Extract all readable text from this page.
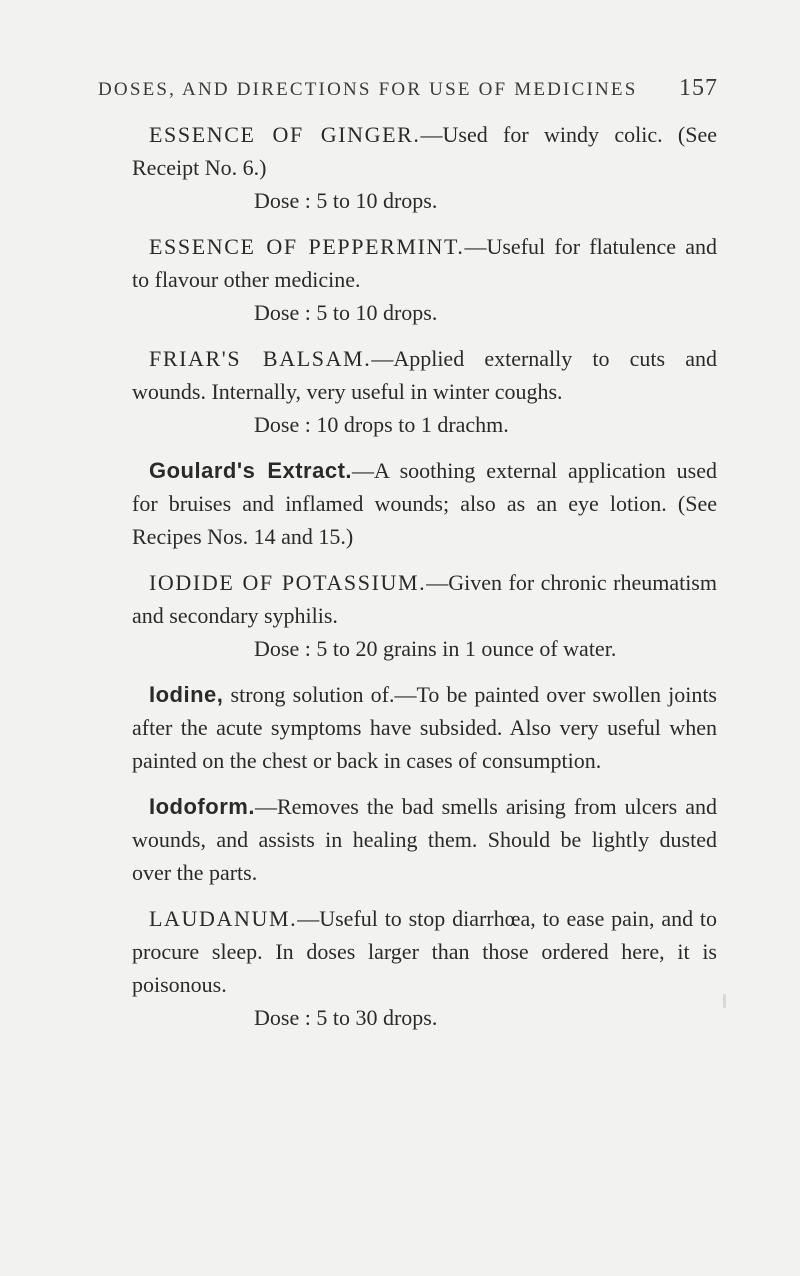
DOSES, AND DIRECTIONS FOR USE OF MEDICINES 157

ESSENCE OF GINGER.—Used for windy colic. (See Receipt No. 6.)

Dose : 5 to 10 drops.

ESSENCE OF PEPPERMINT.—Useful for flatulence and to flavour other medicine.

Dose : 5 to 10 drops.

FRIAR'S BALSAM.—Applied externally to cuts and wounds. Internally, very useful in winter coughs.

Dose : 10 drops to 1 drachm.

Goulard's Extract.—A soothing external application used for bruises and inflamed wounds; also as an eye lotion. (See Recipes Nos. 14 and 15.)

IODIDE OF POTASSIUM.—Given for chronic rheumatism and secondary syphilis.

Dose : 5 to 20 grains in 1 ounce of water.

Iodine, strong solution of.—To be painted over swollen joints after the acute symptoms have subsided. Also very useful when painted on the chest or back in cases of consumption.

Iodoform.—Removes the bad smells arising from ulcers and wounds, and assists in healing them. Should be lightly dusted over the parts.

LAUDANUM.—Useful to stop diarrhœa, to ease pain, and to procure sleep. In doses larger than those ordered here, it is poisonous.

Dose : 5 to 30 drops.
